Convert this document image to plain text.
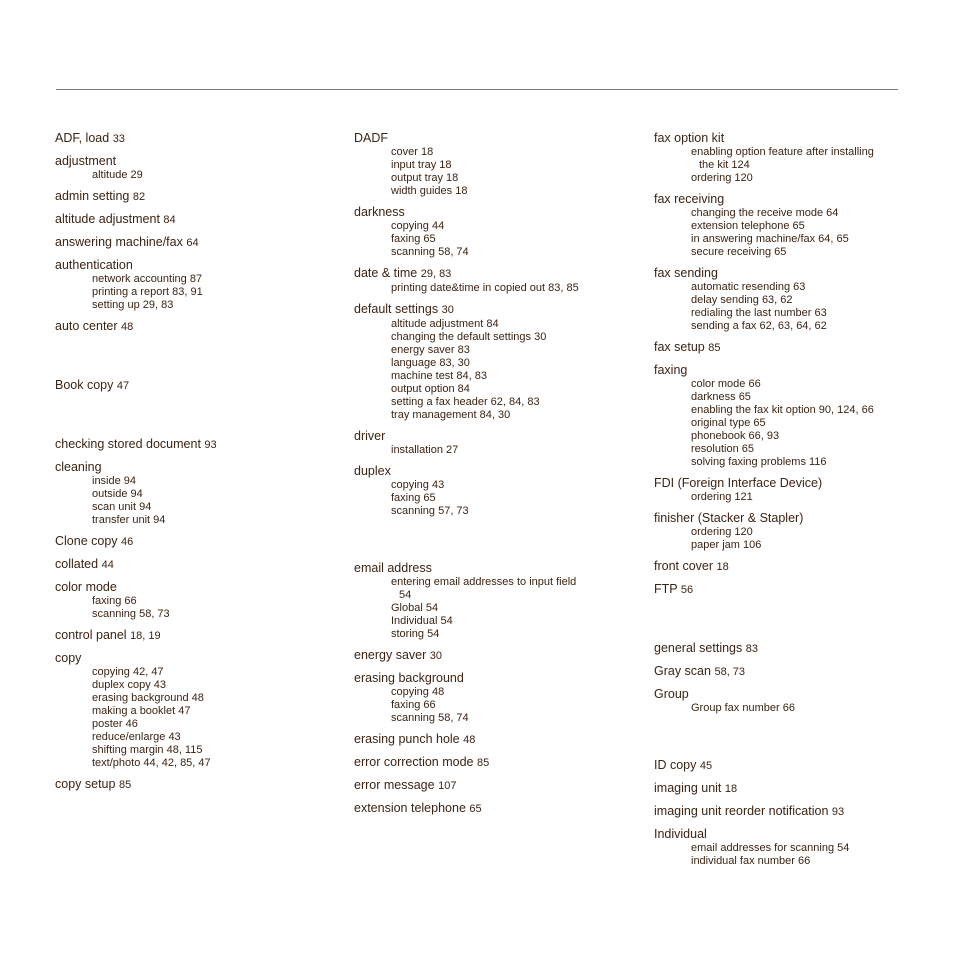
ADF, load 33
adjustment
altitude 29
admin setting 82
altitude adjustment 84
answering machine/fax 64
authentication
network accounting 87
printing a report 83, 91
setting up 29, 83
auto center 48
Book copy 47
checking stored document 93
cleaning
inside 94
outside 94
scan unit 94
transfer unit 94
Clone copy 46
collated 44
color mode
faxing 66
scanning 58, 73
control panel 18, 19
copy
copying 42, 47
duplex copy 43
erasing background 48
making a booklet 47
poster 46
reduce/enlarge 43
shifting margin 48, 115
text/photo 44, 42, 85, 47
copy setup 85
DADF
cover 18
input tray 18
output tray 18
width guides 18
darkness
copying 44
faxing 65
scanning 58, 74
date & time 29, 83
printing date&time in copied out 83, 85
default settings 30
altitude adjustment 84
changing the default settings 30
energy saver 83
language 83, 30
machine test 84, 83
output option 84
setting a fax header 62, 84, 83
tray management 84, 30
driver
installation 27
duplex
copying 43
faxing 65
scanning 57, 73
email address
entering email addresses to input field
54
Global 54
Individual 54
storing 54
energy saver 30
erasing background
copying 48
faxing 66
scanning 58, 74
erasing punch hole 48
error correction mode 85
error message 107
extension telephone 65
fax option kit
enabling option feature after installing
the kit 124
ordering 120
fax receiving
changing the receive mode 64
extension telephone 65
in answering machine/fax 64, 65
secure receiving 65
fax sending
automatic resending 63
delay sending 63, 62
redialing the last number 63
sending a fax 62, 63, 64, 62
fax setup 85
faxing
color mode 66
darkness 65
enabling the fax kit option 90, 124, 66
original type 65
phonebook 66, 93
resolution 65
solving faxing problems 116
FDI (Foreign Interface Device)
ordering 121
finisher (Stacker & Stapler)
ordering 120
paper jam 106
front cover 18
FTP 56
general settings 83
Gray scan 58, 73
Group
Group fax number 66
ID copy 45
imaging unit 18
imaging unit reorder notification 93
Individual
email addresses for scanning 54
individual fax number 66
